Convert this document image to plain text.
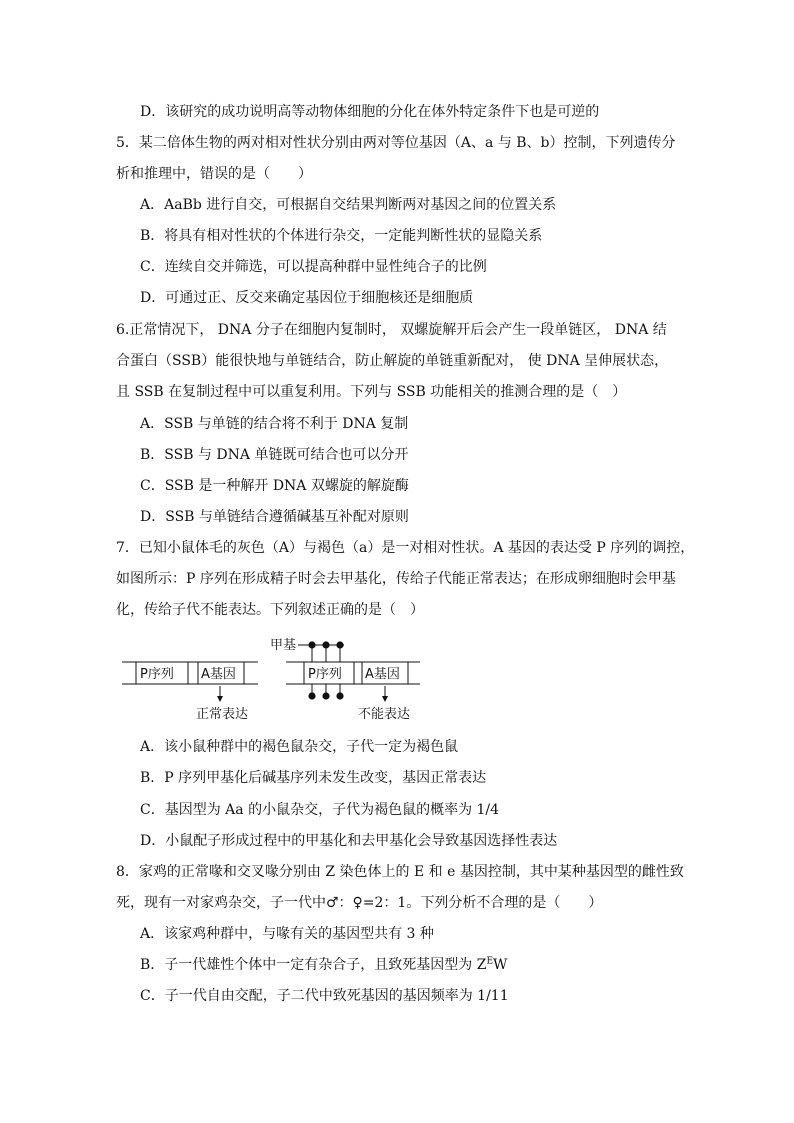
D．该研究的成功说明高等动物体细胞的分化在体外特定条件下也是可逆的
5．某二倍体生物的两对相对性状分别由两对等位基因（A、a 与 B、b）控制，下列遗传分
析和推理中，错误的是（　　）
A．AaBb 进行自交，可根据自交结果判断两对基因之间的位置关系
B．将具有相对性状的个体进行杂交，一定能判断性状的显隐关系
C．连续自交并筛选，可以提高种群中显性纯合子的比例
D．可通过正、反交来确定基因位于细胞核还是细胞质
6.正常情况下， DNA 分子在细胞内复制时， 双螺旋解开后会产生一段单链区， DNA 结
合蛋白（SSB）能很快地与单链结合，防止解旋的单链重新配对， 使 DNA 呈伸展状态，
且 SSB 在复制过程中可以重复利用。下列与 SSB 功能相关的推测合理的是（　）
A．SSB 与单链的结合将不利于 DNA 复制
B．SSB 与 DNA 单链既可结合也可以分开
C．SSB 是一种解开 DNA 双螺旋的解旋酶
D．SSB 与单链结合遵循碱基互补配对原则
7．已知小鼠体毛的灰色（A）与褐色（a）是一对相对性状。A 基因的表达受 P 序列的调控，
如图所示：P 序列在形成精子时会去甲基化，传给子代能正常表达；在形成卵细胞时会甲基
化，传给子代不能表达。下列叙述正确的是（　）
P序列 A基因
正常表达
甲基
P序列 A基因
不能表达
A．该小鼠种群中的褐色鼠杂交，子代一定为褐色鼠
B．P 序列甲基化后碱基序列未发生改变，基因正常表达
C．基因型为 Aa 的小鼠杂交，子代为褐色鼠的概率为 1/4
D．小鼠配子形成过程中的甲基化和去甲基化会导致基因选择性表达
8．家鸡的正常喙和交叉喙分别由 Z 染色体上的 E 和 e 基因控制，其中某种基因型的雌性致
死，现有一对家鸡杂交，子一代中♂：♀=2：1。下列分析不合理的是（　　）
A．该家鸡种群中，与喙有关的基因型共有 3 种
B．子一代雄性个体中一定有杂合子，且致死基因型为 $Z^EW$
C．子一代自由交配，子二代中致死基因的基因频率为 1/11
